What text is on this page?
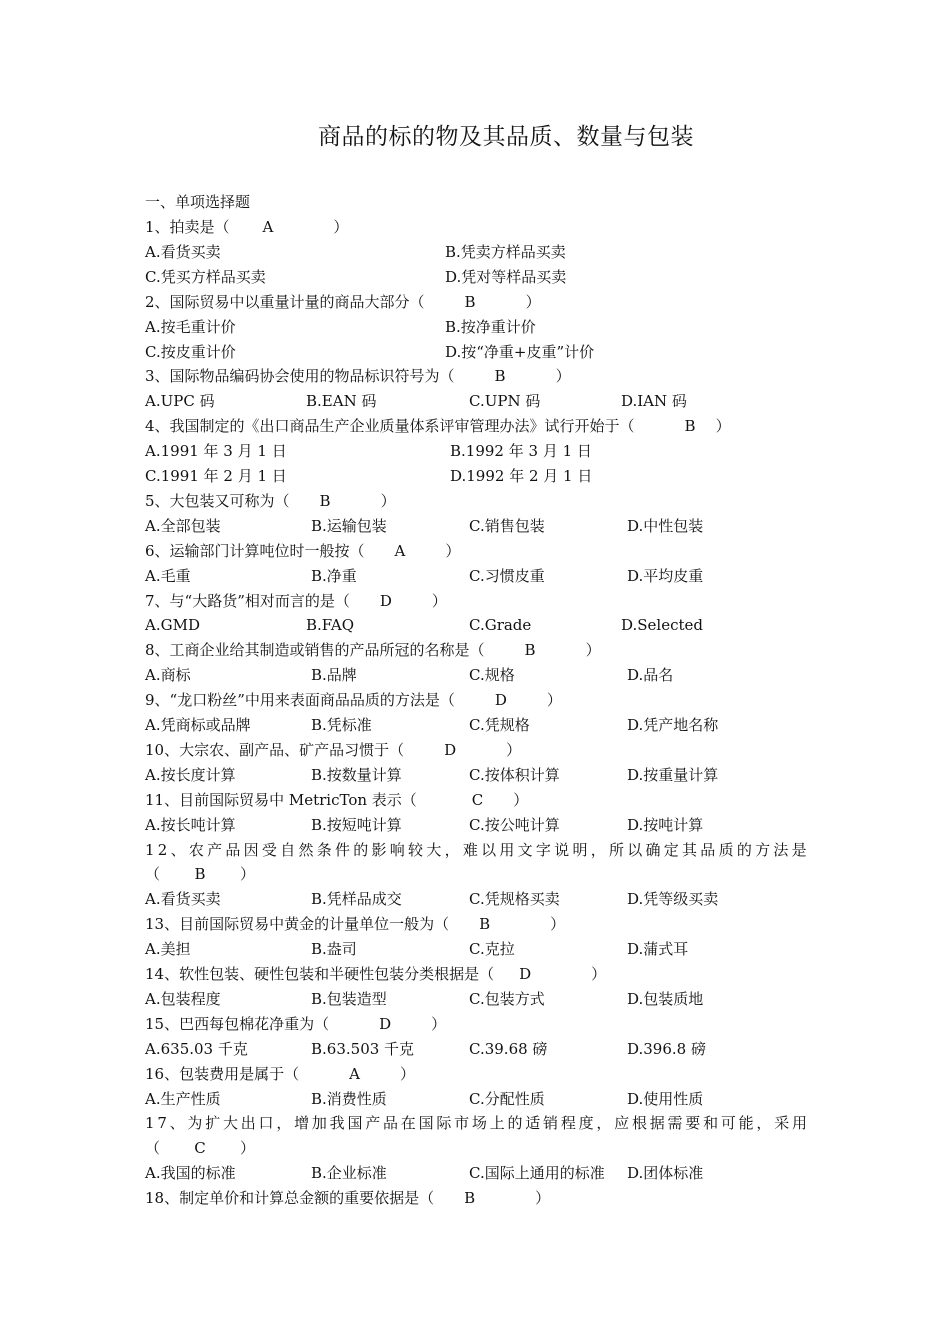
商品的标的物及其品质、数量与包装
一、单项选择题
1、拍卖是（ A	）
A.看货买卖	B.凭卖方样品买卖
C.凭买方样品买卖	D.凭对等样品买卖
2、国际贸易中以重量计量的商品大部分（	B	）
A.按毛重计价	B.按净重计价
C.按皮重计价	D.按“净重+皮重”计价
3、国际物品编码协会使用的物品标识符号为（	B	）
A.UPC 码	B.EAN 码	C.UPN 码	D.IAN 码
4、我国制定的《出口商品生产企业质量体系评审管理办法》试行开始于（	B ）
A.1991 年 3 月 1 日	B.1992 年 3 月 1 日
C.1991 年 2 月 1 日	D.1992 年 2 月 1 日
5、大包装又可称为（ B	）
A.全部包装	B.运输包装	C.销售包装	D.中性包装
6、运输部门计算吨位时一般按（ A	）
A.毛重	B.净重	C.习惯皮重	D.平均皮重
7、与“大路货”相对而言的是（ D	）
A.GMD	B.FAQ	C.Grade	D.Selected
8、工商企业给其制造或销售的产品所冠的名称是（	B	）
A.商标	B.品牌	C.规格	D.品名
9、“龙口粉丝”中用来表面商品品质的方法是（	D	）
A.凭商标或品牌	B.凭标准	C.凭规格	D.凭产地名称
10、大宗农、副产品、矿产品习惯于（	D	）
A.按长度计算	B.按数量计算	C.按体积计算	D.按重量计算
11、目前国际贸易中 MetricTon 表示（	C ）
A.按长吨计算	B.按短吨计算	C.按公吨计算	D.按吨计算
1 2 、 农 产 品 因 受 自 然 条 件 的 影 响 较 大 ， 难 以 用 文 字 说 明 ， 所 以 确 定 其 品 质 的 方 法 是
（ B ）
A.看货买卖	B.凭样品成交	C.凭规格买卖	D.凭等级买卖
13、目前国际贸易中黄金的计量单位一般为（ B	）
A.美担	B.盎司	C.克拉	D.蒲式耳
14、软性包装、硬性包装和半硬性包装分类根据是（ D	）
A.包装程度	B.包装造型	C.包装方式	D.包装质地
15、巴西每包棉花净重为（	D	）
A.635.03 千克	B.63.503 千克	C.39.68 磅	D.396.8 磅
16、包装费用是属于（	A	）
A.生产性质	B.消费性质	C.分配性质	D.使用性质
1 7 、 为 扩 大 出 口 ， 增 加 我 国 产 品 在 国 际 市 场 上 的 适 销 程 度 ， 应 根 据 需 要 和 可 能 ， 采 用
（ C ）
A.我国的标准	B.企业标准	C.国际上通用的标准 D.团体标准
18、制定单价和计算总金额的重要依据是（ B	）
